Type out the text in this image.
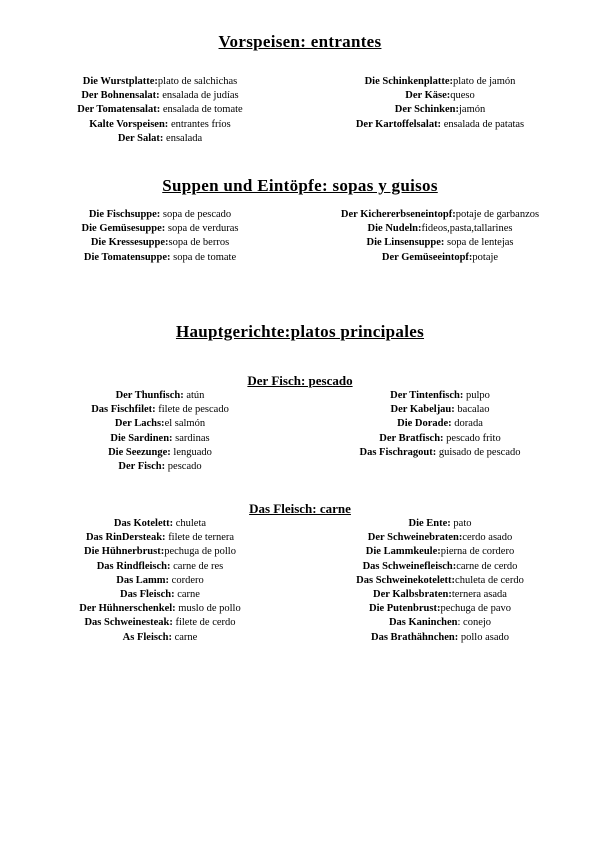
Vorspeisen: entrantes
Die Wurstplatte:plato de salchichas
Der Bohnensalat: ensalada de judías
Der Tomatensalat: ensalada de tomate
Kalte Vorspeisen: entrantes fríos
Der Salat: ensalada
Die Schinkenplatte:plato de jamón
Der Käse:queso
Der Schinken:jamón
Der Kartoffelsalat: ensalada de patatas
Suppen und Eintöpfe: sopas y guisos
Die Fischsuppe: sopa de pescado
Die Gemüsesuppe: sopa de verduras
Die Kressesuppe:sopa de berros
Die Tomatensuppe: sopa de tomate
Der Kichererbseneintopf:potaje de garbanzos
Die Nudeln:fideos,pasta,tallarines
Die Linsensuppe: sopa de lentejas
Der Gemüseeintopf:potaje
Hauptgerichte:platos principales
Der Fisch: pescado
Der Thunfisch: atún
Das Fischfilet: filete de pescado
Der Lachs:el salmón
Die Sardinen: sardinas
Die Seezunge: lenguado
Der Fisch: pescado
Der Tintenfisch: pulpo
Der Kabeljau: bacalao
Die Dorade: dorada
Der Bratfisch: pescado frito
Das Fischragout: guisado de pescado
Das Fleisch: carne
Das Kotelett: chuleta
Das RinDersteak: filete de ternera
Die Hühnerbrust:pechuga de pollo
Das Rindfleisch: carne de res
Das Lamm: cordero
Das Fleisch: carne
Der Hühnerschenkel: muslo de pollo
Das Schweinesteak: filete de cerdo
As Fleisch: carne
Die Ente: pato
Der Schweinebraten:cerdo asado
Die Lammkeule:pierna de cordero
Das Schweinefleisch:carne de cerdo
Das Schweinekotelett:chuleta de cerdo
Der Kalbsbraten:ternera asada
Die Putenbrust:pechuga de pavo
Das Kaninchen: conejo
Das Brathähnchen: pollo asado
